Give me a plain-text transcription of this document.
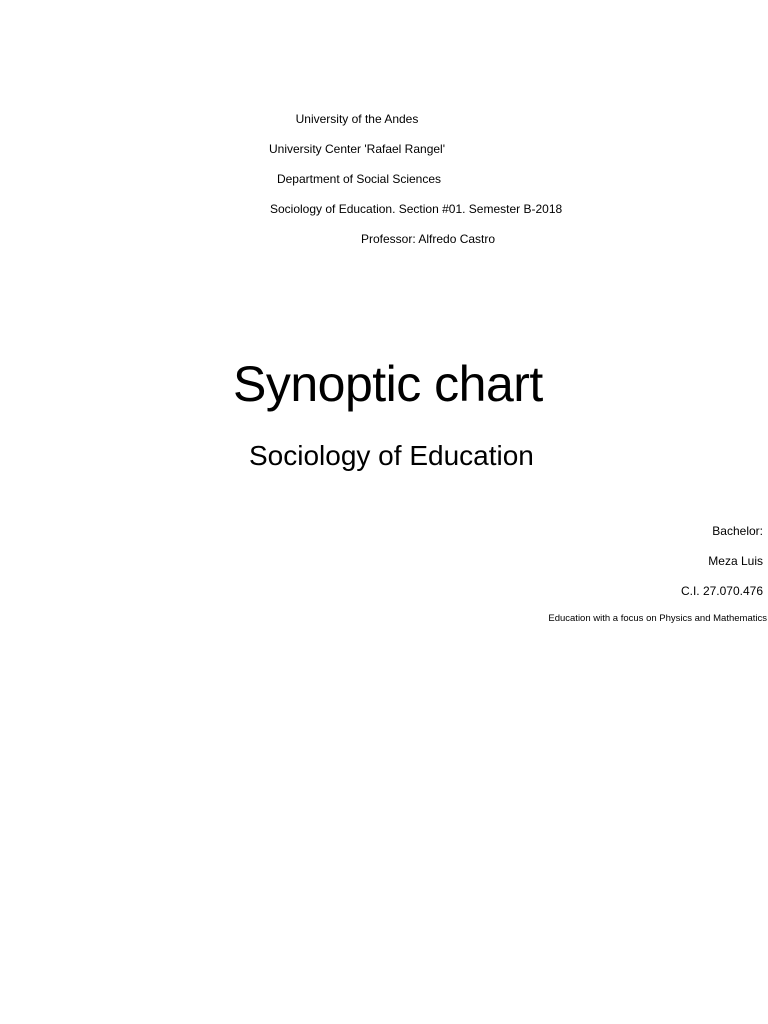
University of the Andes
University Center 'Rafael Rangel'
Department of Social Sciences
Sociology of Education. Section #01. Semester B-2018
Professor: Alfredo Castro
Synoptic chart
Sociology of Education
Bachelor:
Meza Luis
C.I. 27.070.476
Education with a focus on Physics and Mathematics
